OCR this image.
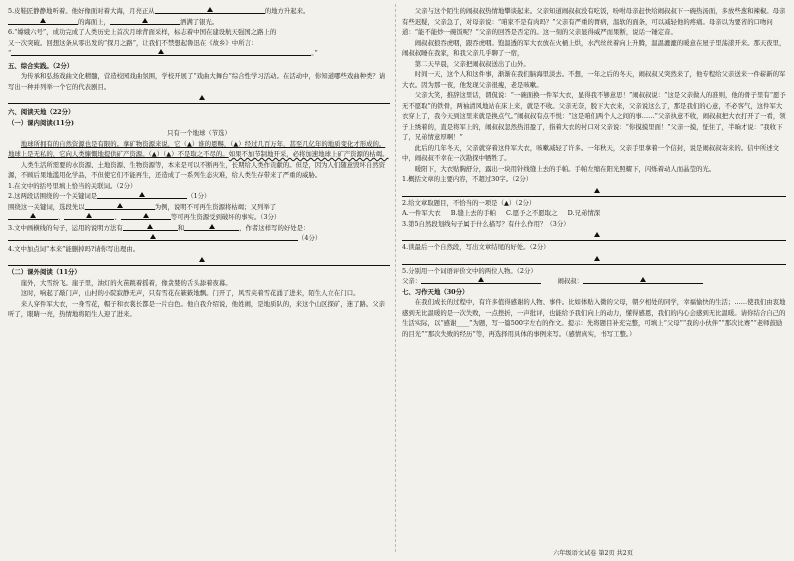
5.皮鞋匠静静地听着。他好像面对着大海，月亮正从	的地方升起来。
的海面上，	洒满了银光。
6.“嫦娥六号”，成功完成了人类历史上首次月球背面采样，标志着中国在建设航天强国之路上的
又一次突破。回想这条从零出发的“探月之路”，让我们不禁想起鲁迅在《故乡》中所言：
“	。”
五、综合实践。（2分）

为传承和弘扬戏曲文化精髓，营造校园戏曲氛围，学校开展了“戏曲大舞台”综合性学习活动。在活动中，你知道哪些戏曲种类？请写出一种并列举一个它的代表剧目。

六、阅读天地（22分）
（一）课内阅读(11分)
只有一个地球（节选）

地球所拥有的自然资源也是有限的。拿矿物资源来说，它（▲）谁的恩赐，（▲）经过几百万年，甚至几亿年的地质变化才形成的。地球上是无私的，它向人类慷慨地提供矿产资源。（▲）（▲）不是取之不尽的。如果不加节制地开采，必将加速地球上矿产资源的枯竭。

人类生活所需要的水资源、土地资源、生物资源等，本来是可以不断再生，长期给人类作贡献的。但是，因为人们随意毁坏自然资源，不顾后果地滥用化学品，不但使它们不能再生，还造成了一系列生态灾难，给人类生存带来了严重的威胁。

1.在文中的括号里填上恰当的关联词。（2分）
2.这两段话围绕的一个关键词是	（1分）
围绕这一关键词，选段先以	为例，说明不可再生资源将枯竭；又列举了
、	、	等可再生资源受到破坏的事实。（3分）
3.文中画横线的句子，运用的说明方法有	和	，作者这样写的好处是：
（4分）
4.文中加点词“本来”能删掉吗?请你写出理由。
（二）课外阅读（11分）

崖外，大雪纷飞。崖子里，油灯的火苗跳着摇着，像贪婪的舌头舔着夜幕。

这时，响起了敲门声，山村的小院寂静无声，只有雪花在簌簌地飘。门开了，风雪夹着雪花涌了进来，陌生人立在门口。

来人穿件军大衣，一身雪花，帽子和衣裳长都是一片白色。他自我介绍说，他姓闹，是地质队的，来这个山区探矿，迷了路。父亲听了，眼睛一亮，热情地将陌生人迎了进来。

父亲与这个陌生的闹叔叔热情地攀谈起来。父亲知道闹叔叔没有吃饭，吩咐母亲赶快给闹叔叔下一碗热汤面，多放些葱和辣椒。母亲有些迟疑，父亲急了，对母亲说：“咱家不是有肉吗？”父亲有严重的胃病，温软的面条，可以减轻他的疼痛。母亲以为要省的口吻问道：“能不能炒一碗饭呢？”父亲的回答是否定的。这一刻的父亲显得威严而果断，说话一锤定音。

闹叔叔狼吞虎咽，跟吞虎咽。饱温透的军大衣放在火桶上烘，水汽丝丝着向上升腾，温温漉漉的暖意在屋子里荡漾开来。那天夜里，闹叔叔睡在我家，和我父亲几乎聊了一宿，

第二天早晨，父亲把闹叔叔送出了山外。

时间一天，这个人和这件事，渐渐在我们脑海里淡去。不想，一年之后的冬天，闹叔叔又突然来了，他专程给父亲送来一件崭新的军大衣。因为那一夜，他发现父亲很瘦，老是咳嗽。

父亲大笑，推辞这里话，谓侃说：“一碗面换一件军大衣，显得我不够意思！”闹叔叔说：“这是父亲做人的准则，他的骨子里有“愿予无不愿取”的铁骨，两袖清风地站在床上来，就是不收。父亲无奈，脱下大衣来，父亲说这么了，那是我们的心意，不必客气，这件军大衣穿上了，我今天到这里来就是换点气。”闹叔叔有点不悦：“这是咱们两个人之间的事……”父亲执意不收，闹叔叔把大衣打开了一看，领子上绣着的，直是将军上的，闹叔叔忽然热泪盈了，指着大衣的衬口对父亲说：“你摸摸里面！”父亲一摸，怔住了，半晌才说：“我收下了，兄弟情意厚啊！”

此后的几年冬天，父亲就穿着这件军大衣，咳嗽减轻了许多。一年秋天，父亲手里拿着一个信封，说是闹叔叔寄来的。信中所述文中，闹叔叔不幸在一次勘探中牺牲了。

暖阳下，大衣贴胸舒分，露出一块用针线缝上去的手帕。手帕左缩在阳光照耀下，闪烁着动人而晶莹的光。

1.概括文章的主要内容，不超过30字。（2分）
2.给文章取题目，不恰当的一项是（▲）（2分）
A.一件军大衣 B.缝上去的手帕 C.愿予之不愿取之 D.兄弟情深
3.第5自然段划线句子属于什么描写？有什么作用？（3分）
4.读最后一个自然段，写出文章结尾的好处。（2分）
5.分别用一个词语评价文中的两位人物。（2分）
父亲：	闹叔叔：
七、习作天地（30分）

在我们成长的过程中，有许多值得感谢的人物、事件。比如体贴入微的父母，朝夕相处的同学，幸福愉快的生活；……使我们由衷地感到无比温暖的是一次失败，一点挫折，一声批评，也能给予我们向上的动力，懂得感恩，我们的内心会感到无比温暖。请你结合自己的生活实际，以“感谢____”为题，写一篇500字左右的作文。提示：先将题目补充完整，可填上“父母”“我的小伙伴”“那次比赛”“老师鼓励的目光”“那次失败的经历”等，再选择用具体的事例来写。（感情真实，书写工整。）

六年级语文试卷 第2页 共2页
